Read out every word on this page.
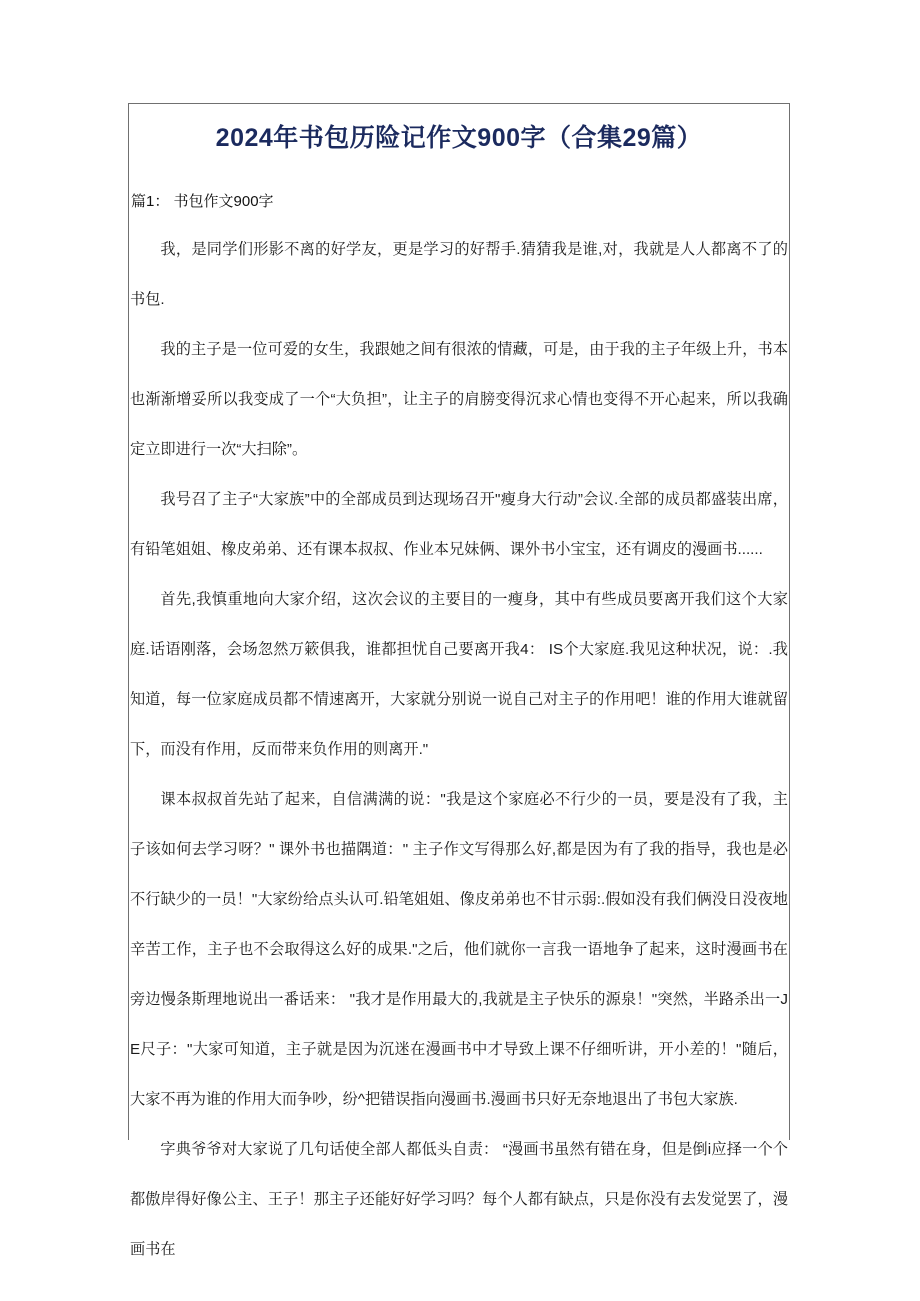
2024年书包历险记作文900字（合集29篇）
篇1： 书包作文900字

我，是同学们形影不离的好学友，更是学习的好帮手.猜猜我是谁,对，我就是人人都离不了的书包.

我的主子是一位可爱的女生，我跟她之间有很浓的情藏，可是，由于我的主子年级上升，书本也渐渐增妥所以我变成了一个“大负担”，让主子的肩膀变得沉求心情也变得不开心起来，所以我确定立即进行一次“大扫除”。

我号召了主子“大家族”中的全部成员到达现场召开"瘦身大行动”会议.全部的成员都盛装出席，有铅笔姐姐、橡皮弟弟、还有课本叔叔、作业本兄妹俩、课外书小宝宝，还有调皮的漫画书......

首先,我慎重地向大家介绍，这次会议的主要目的一瘦身，其中有些成员要离开我们这个大家庭.话语刚落，会场忽然万簌俱我，谁都担忧自己要离开我4： IS个大家庭.我见这种状况，说：.我知道，每一位家庭成员都不情速离开，大家就分别说一说自己对主子的作用吧！谁的作用大谁就留下，而没有作用，反而带来负作用的则离开."

课本叔叔首先站了起来，自信满满的说："我是这个家庭必不行少的一员，要是没有了我，主子该如何去学习呀？" 课外书也描隅道：" 主子作文写得那么好,都是因为有了我的指导，我也是必不行缺少的一员！"大家纷给点头认可.铅笔姐姐、像皮弟弟也不甘示弱:.假如没有我们俩没日没夜地辛苦工作，主子也不会取得这么好的成果."之后，他们就你一言我一语地争了起来，这时漫画书在旁边慢条斯理地说出一番话来： "我才是作用最大的,我就是主子快乐的源泉！"突然，半路杀出一JE尺子："大家可知道，主子就是因为沉迷在漫画书中才导致上课不仔细听讲，开小差的！"随后，大家不再为谁的作用大而争吵，纷^把错误指向漫画书.漫画书只好无奈地退出了书包大家族.

字典爷爷对大家说了几句话使全部人都低头自责： “漫画书虽然有错在身，但是倒i应择一个个都傲岸得好像公主、王子！那主子还能好好学习吗？每个人都有缺点，只是你没有去发觉罢了，漫画书在
